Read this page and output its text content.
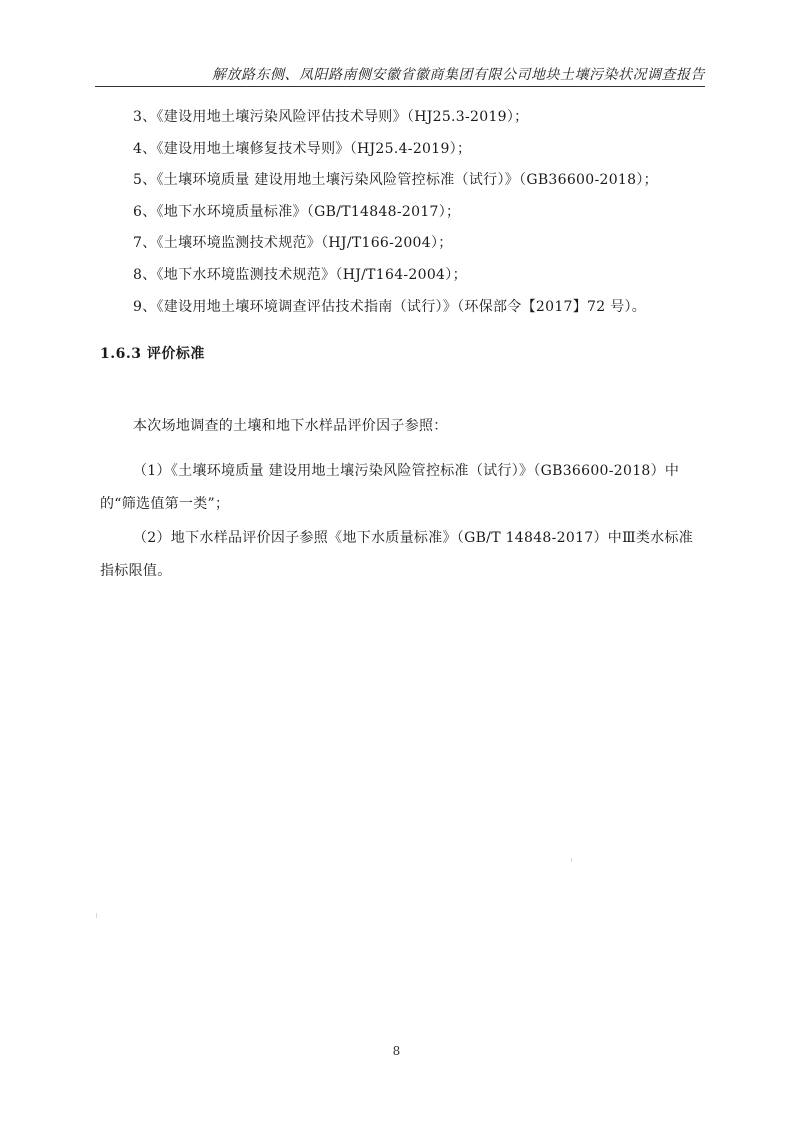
解放路东侧、凤阳路南侧安徽省徽商集团有限公司地块土壤污染状况调查报告
3、《建设用地土壤污染风险评估技术导则》（HJ25.3-2019）；
4、《建设用地土壤修复技术导则》（HJ25.4-2019）；
5、《土壤环境质量 建设用地土壤污染风险管控标准（试行）》（GB36600-2018）；
6、《地下水环境质量标准》（GB/T14848-2017）；
7、《土壤环境监测技术规范》（HJ/T166-2004）；
8、《地下水环境监测技术规范》（HJ/T164-2004）；
9、《建设用地土壤环境调查评估技术指南（试行）》（环保部令【2017】72 号）。
1.6.3 评价标准

本次场地调查的土壤和地下水样品评价因子参照：

（1）《土壤环境质量 建设用地土壤污染风险管控标准（试行）》（GB36600-2018）中的“筛选值第一类”；

（2）地下水样品评价因子参照《地下水质量标准》（GB/T 14848-2017）中Ⅲ类水标准指标限值。

8
